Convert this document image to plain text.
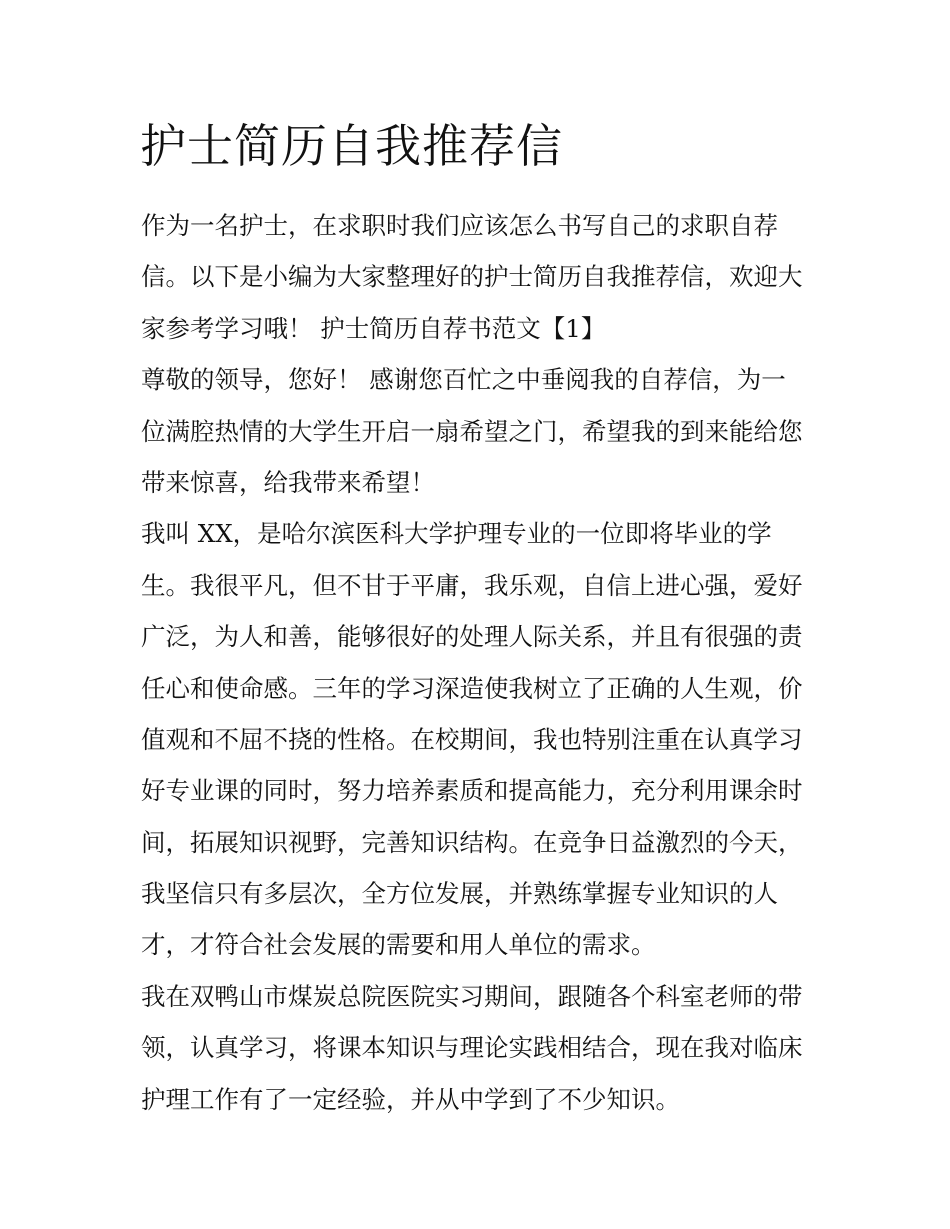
护士简历自我推荐信
作为一名护士，在求职时我们应该怎么书写自己的求职自荐
信。以下是小编为大家整理好的护士简历自我推荐信，欢迎大
家参考学习哦！ 护士简历自荐书范文【1】
尊敬的领导，您好！ 感谢您百忙之中垂阅我的自荐信，为一
位满腔热情的大学生开启一扇希望之门，希望我的到来能给您
带来惊喜，给我带来希望！
我叫 XX，是哈尔滨医科大学护理专业的一位即将毕业的学
生。我很平凡，但不甘于平庸，我乐观，自信上进心强，爱好
广泛，为人和善，能够很好的处理人际关系，并且有很强的责
任心和使命感。三年的学习深造使我树立了正确的人生观，价
值观和不屈不挠的性格。在校期间，我也特别注重在认真学习
好专业课的同时，努力培养素质和提高能力，充分利用课余时
间，拓展知识视野，完善知识结构。在竞争日益激烈的今天，
我坚信只有多层次，全方位发展，并熟练掌握专业知识的人
才，才符合社会发展的需要和用人单位的需求。
我在双鸭山市煤炭总院医院实习期间，跟随各个科室老师的带
领，认真学习，将课本知识与理论实践相结合，现在我对临床
护理工作有了一定经验，并从中学到了不少知识。
